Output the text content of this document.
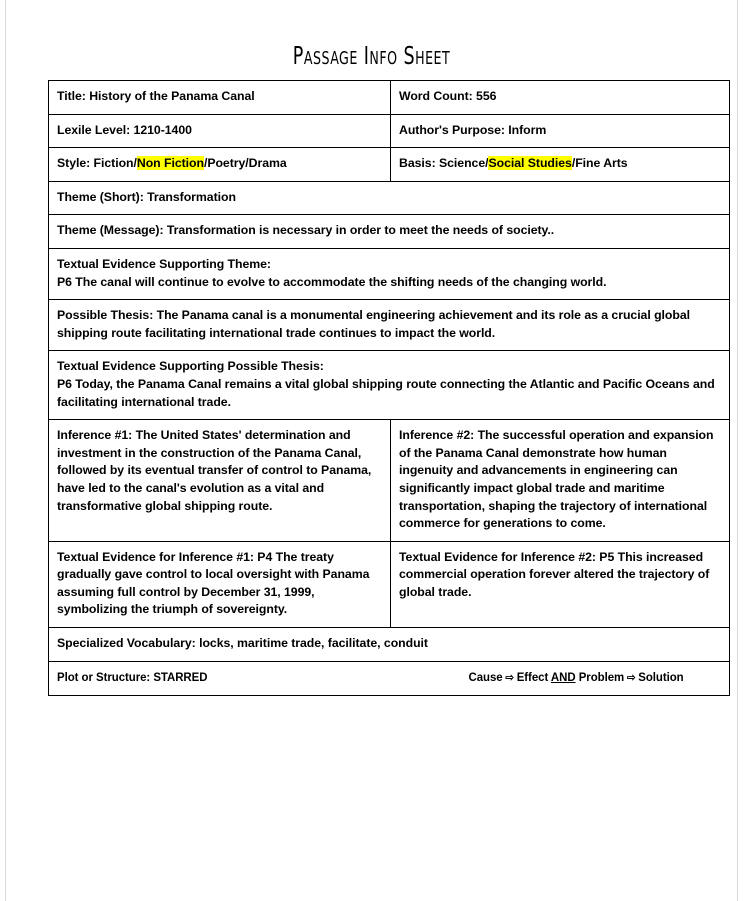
Passage Info Sheet
Title: History of the Panama Canal	Word Count: 556
Lexile Level: 1210-1400	Author's Purpose: Inform
Style: Fiction/Non Fiction/Poetry/Drama	Basis: Science/Social Studies/Fine Arts
Theme (Short): Transformation	
Theme (Message): Transformation is necessary in order to meet the needs of society..	

Textual Evidence Supporting Theme:
P6 The canal will continue to evolve to accommodate the shifting needs of the changing world.	

Possible Thesis: The Panama canal is a monumental engineering achievement and its role as a crucial global shipping route facilitating international trade continues to impact the world.	

Textual Evidence Supporting Possible Thesis:
P6 Today, the Panama Canal remains a vital global shipping route connecting the Atlantic and Pacific Oceans and facilitating international trade.	

Inference #1: The United States' determination and investment in the construction of the Panama Canal, followed by its eventual transfer of control to Panama, have led to the canal's evolution as a vital and transformative global shipping route.	Inference #2: The successful operation and expansion of the Panama Canal demonstrate how human ingenuity and advancements in engineering can significantly impact global trade and maritime transportation, shaping the trajectory of international commerce for generations to come.
Textual Evidence for Inference #1: P4 The treaty gradually gave control to local oversight with Panama assuming full control by December 31, 1999, symbolizing the triumph of sovereignty.	Textual Evidence for Inference #2: P5 This increased commercial operation forever altered the trajectory of global trade.
Specialized Vocabulary: locks, maritime trade, facilitate, conduit	

Plot or Structure: STARRED Cause ⇨ Effect AND Problem ⇨ Solution	
